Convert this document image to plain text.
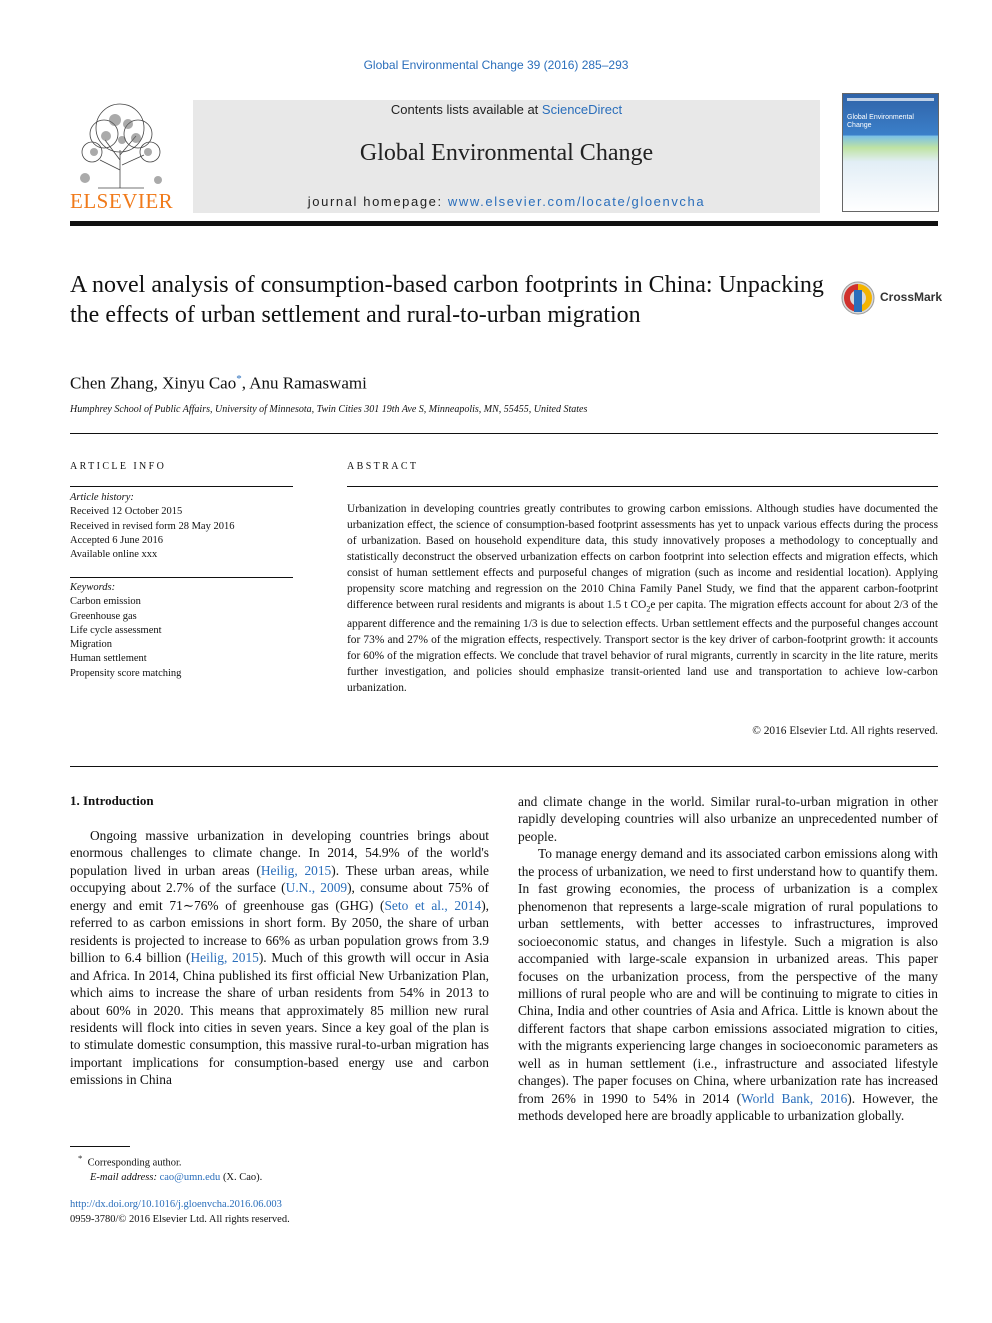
Global Environmental Change 39 (2016) 285–293
ELSEVIER
Contents lists available at ScienceDirect
Global Environmental Change
journal homepage: www.elsevier.com/locate/gloenvcha
Global Environmental Change
A novel analysis of consumption-based carbon footprints in China: Unpacking the effects of urban settlement and rural-to-urban migration
CrossMark
Chen Zhang, Xinyu Cao*, Anu Ramaswami
Humphrey School of Public Affairs, University of Minnesota, Twin Cities 301 19th Ave S, Minneapolis, MN, 55455, United States
ARTICLE INFO
Article history:
Received 12 October 2015
Received in revised form 28 May 2016
Accepted 6 June 2016
Available online xxx
Keywords:
Carbon emission
Greenhouse gas
Life cycle assessment
Migration
Human settlement
Propensity score matching
ABSTRACT
Urbanization in developing countries greatly contributes to growing carbon emissions. Although studies have documented the urbanization effect, the science of consumption-based footprint assessments has yet to unpack various effects during the process of urbanization. Based on household expenditure data, this study innovatively proposes a methodology to conceptually and statistically deconstruct the observed urbanization effects on carbon footprint into selection effects and migration effects, which consist of human settlement effects and purposeful changes of migration (such as income and residential location). Applying propensity score matching and regression on the 2010 China Family Panel Study, we find that the apparent carbon-footprint difference between rural residents and migrants is about 1.5 t $CO_2e$ per capita. The migration effects account for about 2/3 of the apparent difference and the remaining 1/3 is due to selection effects. Urban settlement effects and the purposeful changes account for 73% and 27% of the migration effects, respectively. Transport sector is the key driver of carbon-footprint growth: it accounts for 60% of the migration effects. We conclude that travel behavior of rural migrants, currently in scarcity in the lite rature, merits further investigation, and policies should emphasize transit-oriented land use and transportation to achieve low-carbon urbanization.
© 2016 Elsevier Ltd. All rights reserved.
1. Introduction

Ongoing massive urbanization in developing countries brings about enormous challenges to climate change. In 2014, 54.9% of the world's population lived in urban areas (Heilig, 2015). These urban areas, while occupying about 2.7% of the surface (U.N., 2009), consume about 75% of energy and emit 71∼76% of greenhouse gas (GHG) (Seto et al., 2014), referred to as carbon emissions in short form. By 2050, the share of urban residents is projected to increase to 66% as urban population grows from 3.9 billion to 6.4 billion (Heilig, 2015). Much of this growth will occur in Asia and Africa. In 2014, China published its first official New Urbanization Plan, which aims to increase the share of urban residents from 54% in 2013 to about 60% in 2020. This means that approximately 85 million new rural residents will flock into cities in seven years. Since a key goal of the plan is to stimulate domestic consumption, this massive rural-to-urban migration has important implications for consumption-based energy use and carbon emissions in China

and climate change in the world. Similar rural-to-urban migration in other rapidly developing countries will also urbanize an unprecedented number of people.

To manage energy demand and its associated carbon emissions along with the process of urbanization, we need to first understand how to quantify them. In fast growing economies, the process of urbanization is a complex phenomenon that represents a large-scale migration of rural populations to urban settlements, with better accesses to infrastructures, improved socioeconomic status, and changes in lifestyle. Such a migration is also accompanied with large-scale expansion in urbanized areas. This paper focuses on the urbanization process, from the perspective of the many millions of rural people who are and will be continuing to migrate to cities in China, India and other countries of Asia and Africa. Little is known about the different factors that shape carbon emissions associated migration to cities, with the migrants experiencing large changes in socioeconomic parameters as well as in human settlement (i.e., infrastructure and associated lifestyle changes). The paper focuses on China, where urbanization rate has increased from 26% in 1990 to 54% in 2014 (World Bank, 2016). However, the methods developed here are broadly applicable to urbanization globally.

* Corresponding author.
E-mail address: cao@umn.edu (X. Cao).
http://dx.doi.org/10.1016/j.gloenvcha.2016.06.003
0959-3780/© 2016 Elsevier Ltd. All rights reserved.
